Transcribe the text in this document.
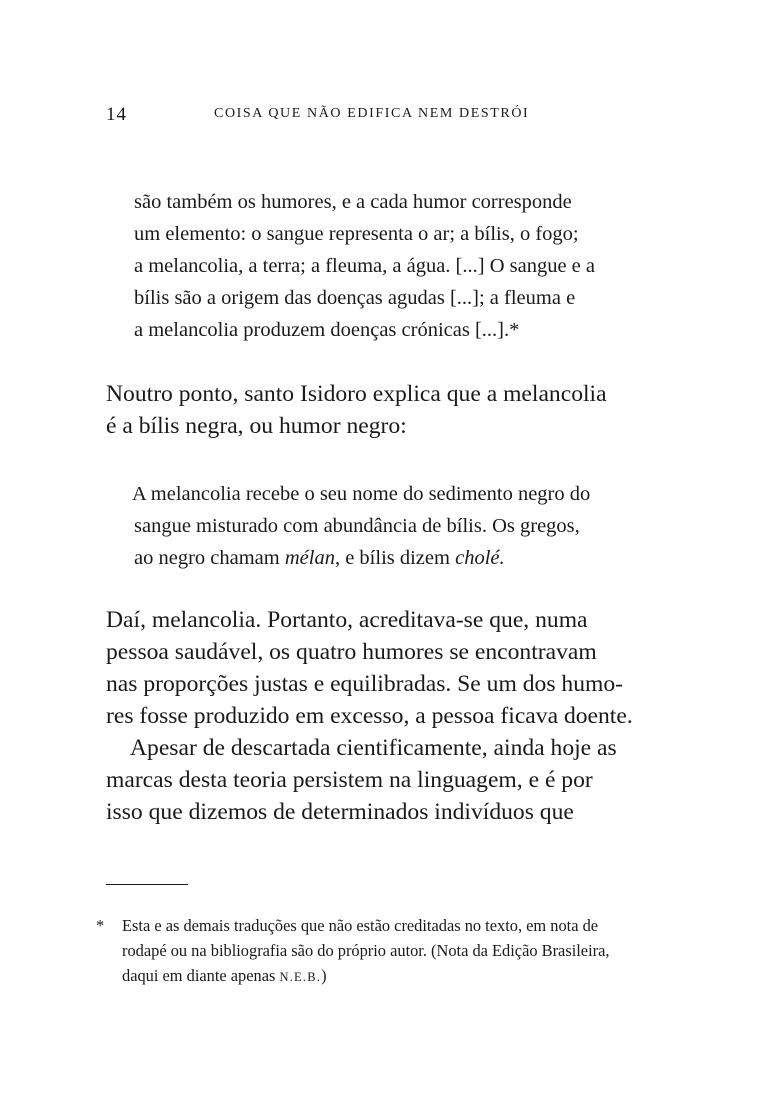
14	COISA QUE NÃO EDIFICA NEM DESTRÓI
são também os humores, e a cada humor corresponde
um elemento: o sangue representa o ar; a bílis, o fogo;
a melancolia, a terra; a fleuma, a água. [...] O sangue e a
bílis são a origem das doenças agudas [...]; a fleuma e
a melancolia produzem doenças crónicas [...].*
Noutro ponto, santo Isidoro explica que a melancolia
é a bílis negra, ou humor negro:
A melancolia recebe o seu nome do sedimento negro do
sangue misturado com abundância de bílis. Os gregos,
ao negro chamam mélan, e bílis dizem cholé.
Daí, melancolia. Portanto, acreditava-se que, numa
pessoa saudável, os quatro humores se encontravam
nas proporções justas e equilibradas. Se um dos humo-
res fosse produzido em excesso, a pessoa ficava doente.
Apesar de descartada cientificamente, ainda hoje as
marcas desta teoria persistem na linguagem, e é por
isso que dizemos de determinados indivíduos que
*	Esta e as demais traduções que não estão creditadas no texto, em nota de
rodapé ou na bibliografia são do próprio autor. (Nota da Edição Brasileira,
daqui em diante apenas N.E.B.)
